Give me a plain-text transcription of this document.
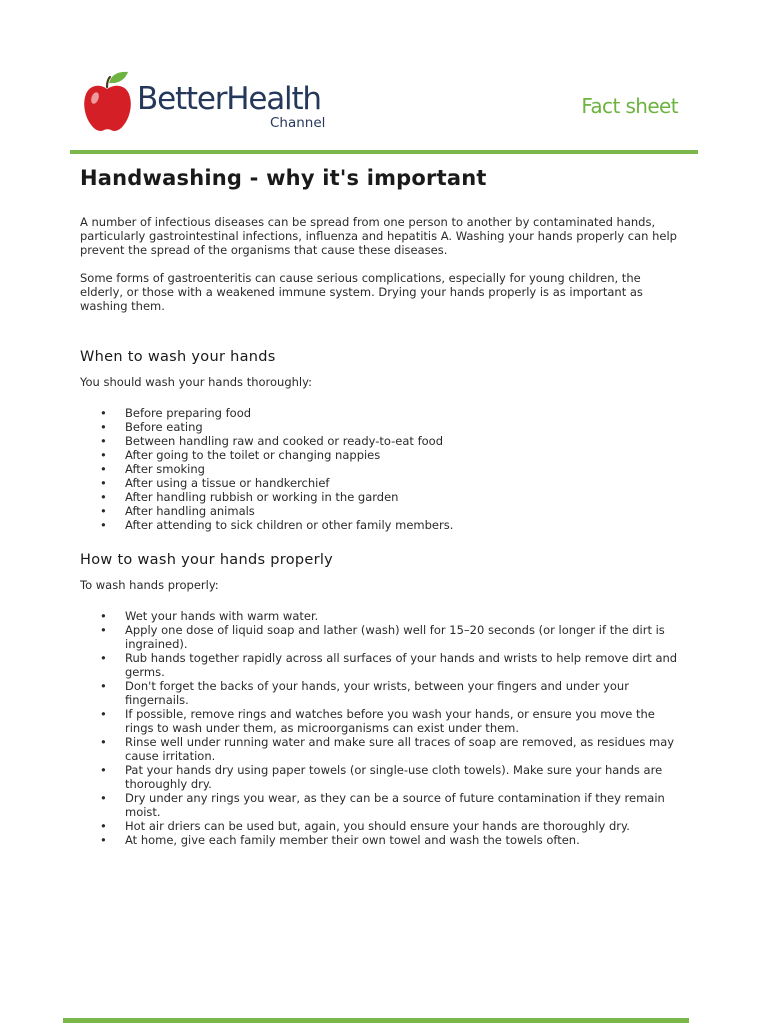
BetterHealth
Channel
Fact sheet
Handwashing - why it's important

A number of infectious diseases can be spread from one person to another by contaminated hands, particularly gastrointestinal infections, influenza and hepatitis A. Washing your hands properly can help prevent the spread of the organisms that cause these diseases.

Some forms of gastroenteritis can cause serious complications, especially for young children, the elderly, or those with a weakened immune system. Drying your hands properly is as important as washing them.

When to wash your hands

You should wash your hands thoroughly:

• Before preparing food
• Before eating
• Between handling raw and cooked or ready-to-eat food
• After going to the toilet or changing nappies
• After smoking
• After using a tissue or handkerchief
• After handling rubbish or working in the garden
• After handling animals
• After attending to sick children or other family members.
How to wash your hands properly

To wash hands properly:

• Wet your hands with warm water.
• Apply one dose of liquid soap and lather (wash) well for 15–20 seconds (or longer if the dirt is ingrained).
• Rub hands together rapidly across all surfaces of your hands and wrists to help remove dirt and germs.
• Don't forget the backs of your hands, your wrists, between your fingers and under your fingernails.
• If possible, remove rings and watches before you wash your hands, or ensure you move the rings to wash under them, as microorganisms can exist under them.
• Rinse well under running water and make sure all traces of soap are removed, as residues may cause irritation.
• Pat your hands dry using paper towels (or single-use cloth towels). Make sure your hands are thoroughly dry.
• Dry under any rings you wear, as they can be a source of future contamination if they remain moist.
• Hot air driers can be used but, again, you should ensure your hands are thoroughly dry.
• At home, give each family member their own towel and wash the towels often.
